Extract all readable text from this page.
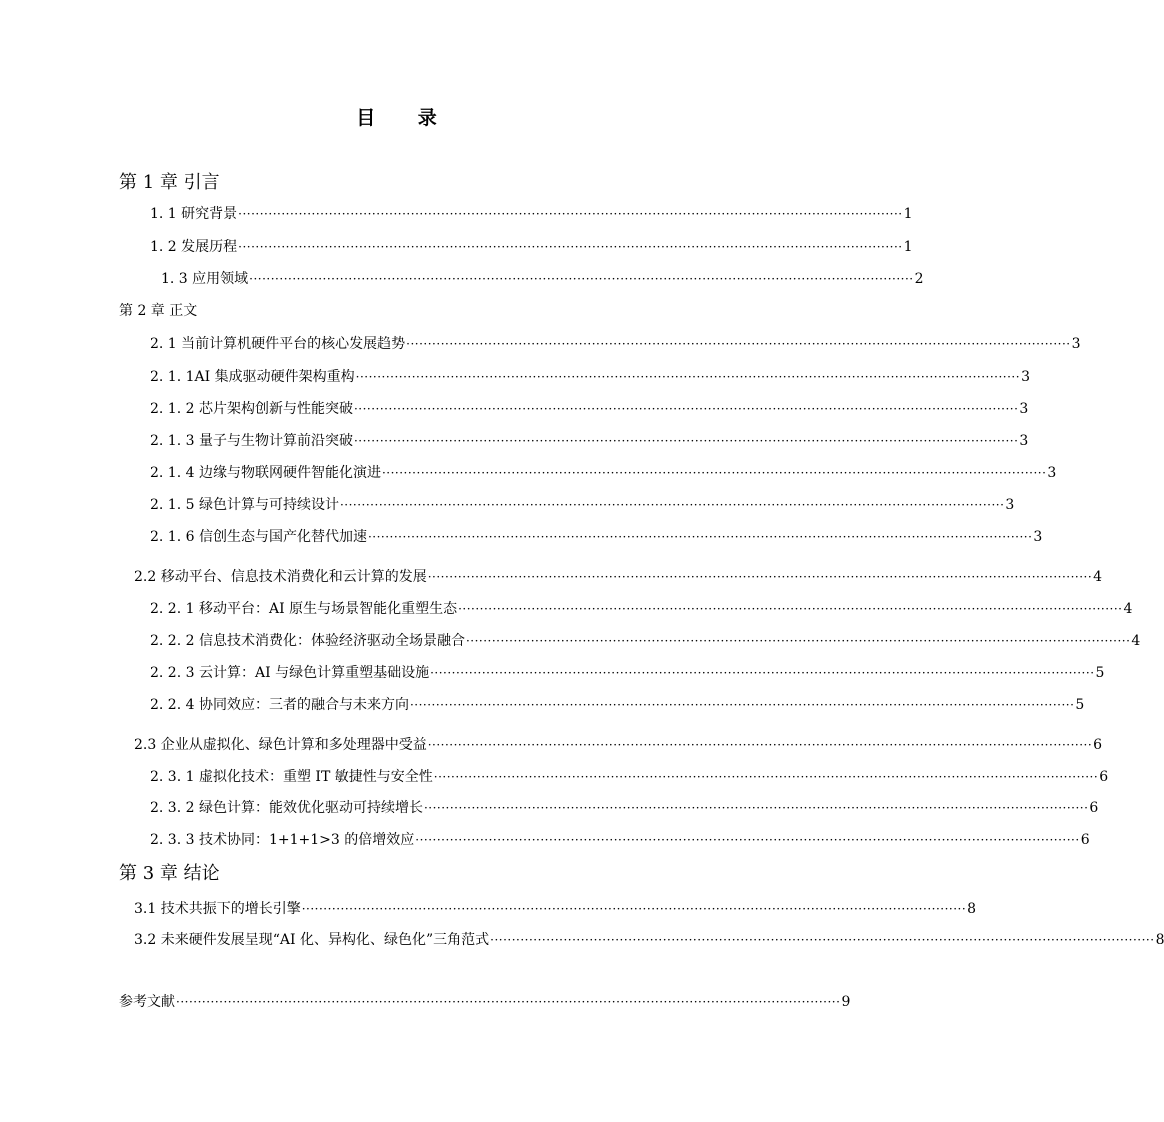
目 录
第 1 章 引言
1. 1 研究背景 ·························································································································································· 1
1. 2 发展历程 ·························································································································································· 1
1. 3 应用领域 ·························································································································································· 2
第 2 章 正文
2. 1 当前计算机硬件平台的核心发展趋势 ·························································································································································· 3
2. 1. 1AI 集成驱动硬件架构重构 ·························································································································································· 3
2. 1. 2 芯片架构创新与性能突破 ·························································································································································· 3
2. 1. 3 量子与生物计算前沿突破 ·························································································································································· 3
2. 1. 4 边缘与物联网硬件智能化演进 ·························································································································································· 3
2. 1. 5 绿色计算与可持续设计 ·························································································································································· 3
2. 1. 6 信创生态与国产化替代加速 ·························································································································································· 3
2.2 移动平台、信息技术消费化和云计算的发展 ·························································································································································· 4
2. 2. 1 移动平台：AI 原生与场景智能化重塑生态 ·························································································································································· 4
2. 2. 2 信息技术消费化：体验经济驱动全场景融合 ·························································································································································· 4
2. 2. 3 云计算：AI 与绿色计算重塑基础设施 ·························································································································································· 5
2. 2. 4 协同效应：三者的融合与未来方向 ·························································································································································· 5
2.3 企业从虚拟化、绿色计算和多处理器中受益 ·························································································································································· 6
2. 3. 1 虚拟化技术：重塑 IT 敏捷性与安全性 ·························································································································································· 6
2. 3. 2 绿色计算：能效优化驱动可持续增长 ·························································································································································· 6
2. 3. 3 技术协同：1+1+1>3 的倍增效应 ·························································································································································· 6
第 3 章 结论
3.1 技术共振下的增长引擎 ·························································································································································· 8
3.2 未来硬件发展呈现“AI 化、异构化、绿色化”三角范式 ·························································································································································· 8
参考文献 ·························································································································································· 9
